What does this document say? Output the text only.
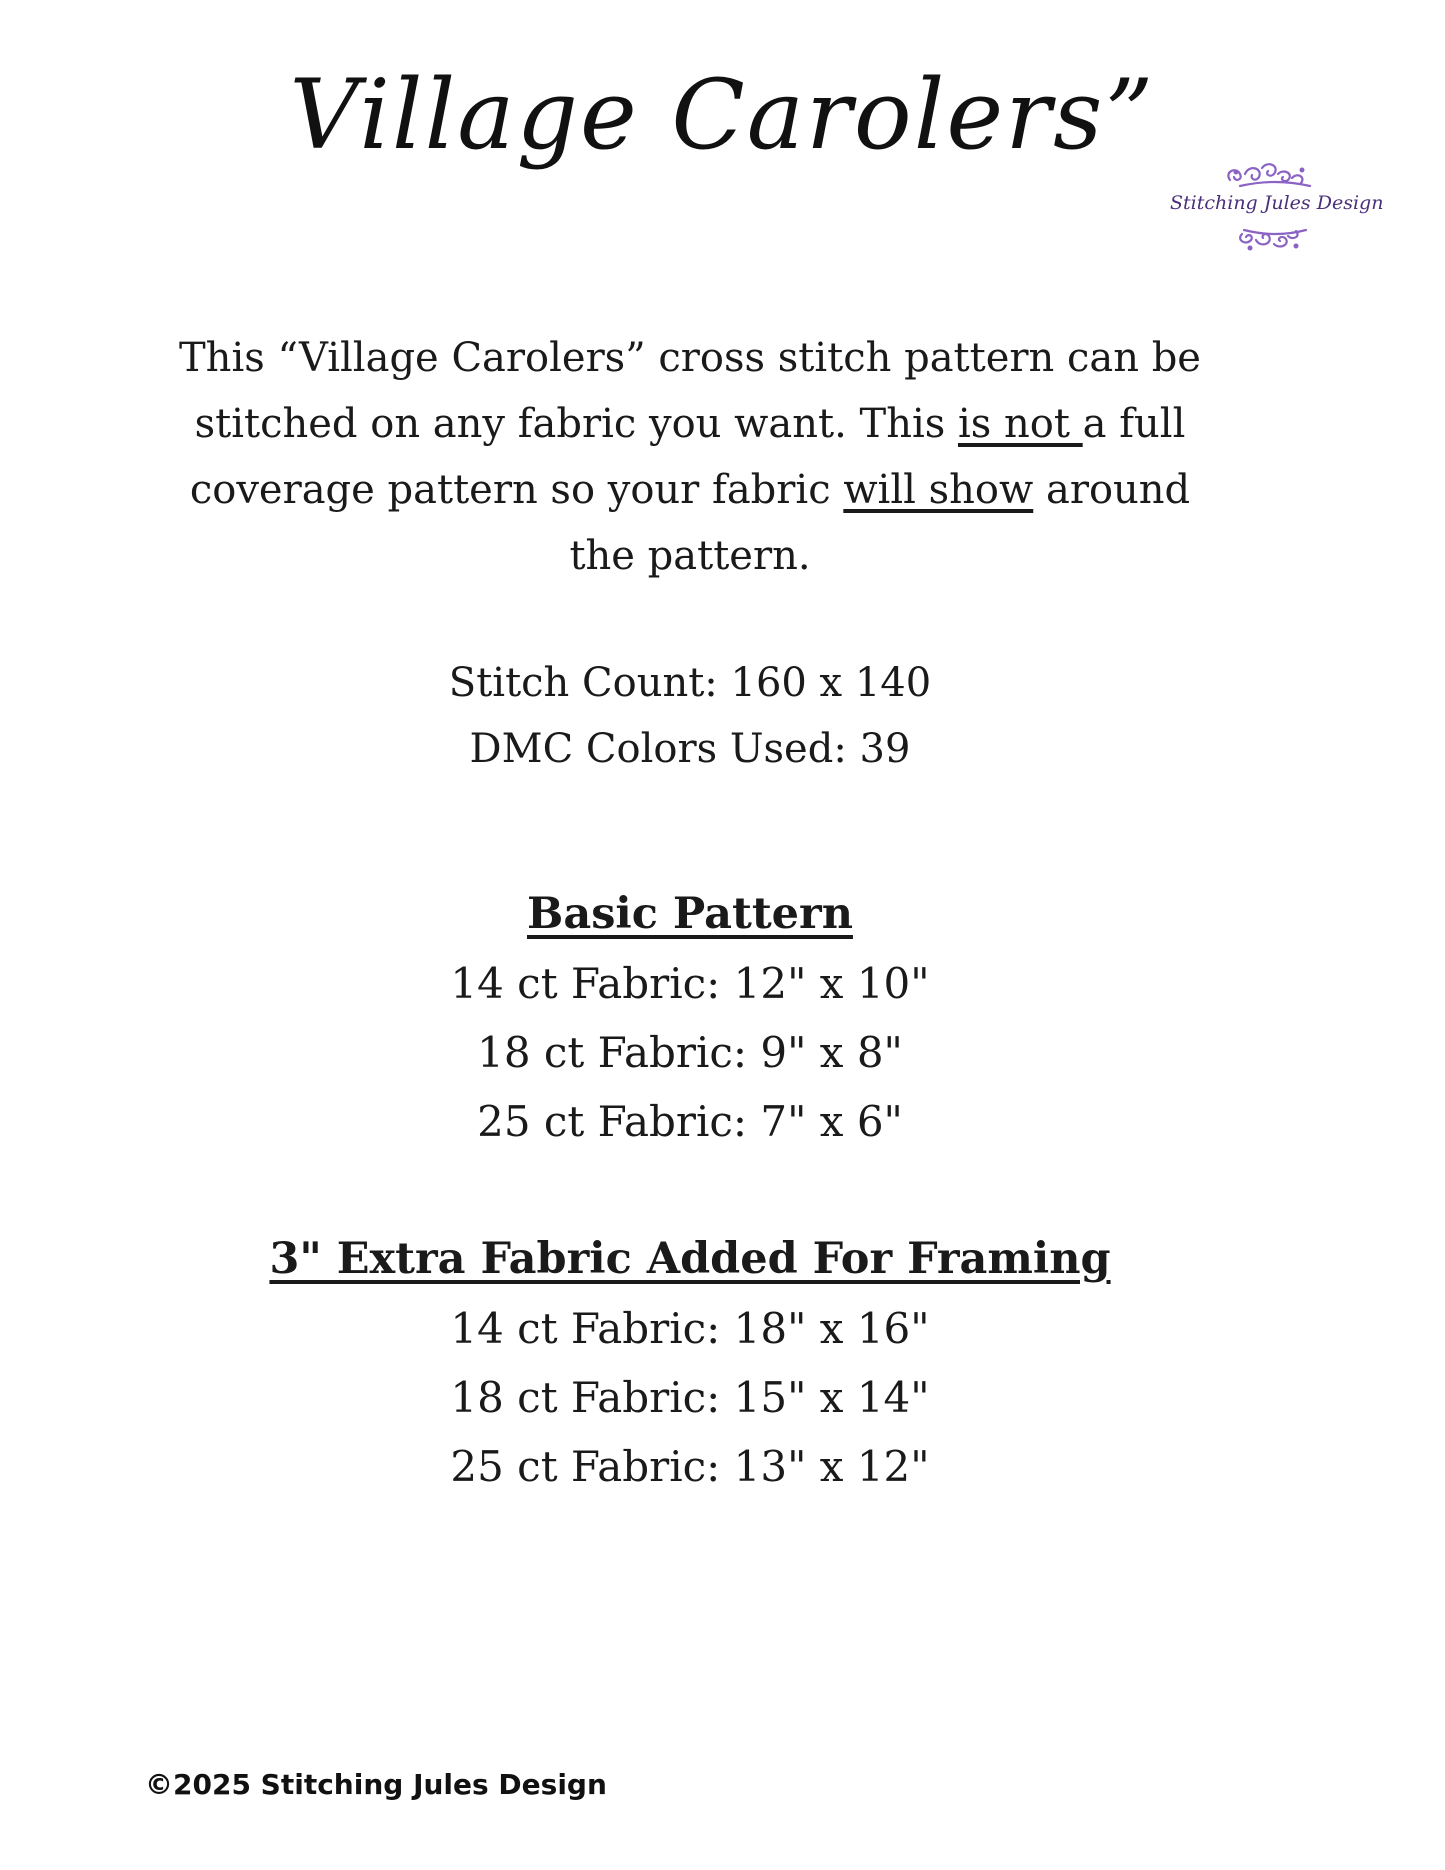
Village Carolers”
Stitching Jules Design

This “Village Carolers” cross stitch pattern can be stitched on any fabric you want. This is not a full coverage pattern so your fabric will show around the pattern.

Stitch Count: 160 x 140
DMC Colors Used: 39
Basic Pattern
14 ct Fabric: 12" x 10"
18 ct Fabric: 9" x 8"
25 ct Fabric: 7" x 6"
3" Extra Fabric Added For Framing
14 ct Fabric: 18" x 16"
18 ct Fabric: 15" x 14"
25 ct Fabric: 13" x 12"
©2025 Stitching Jules Design
